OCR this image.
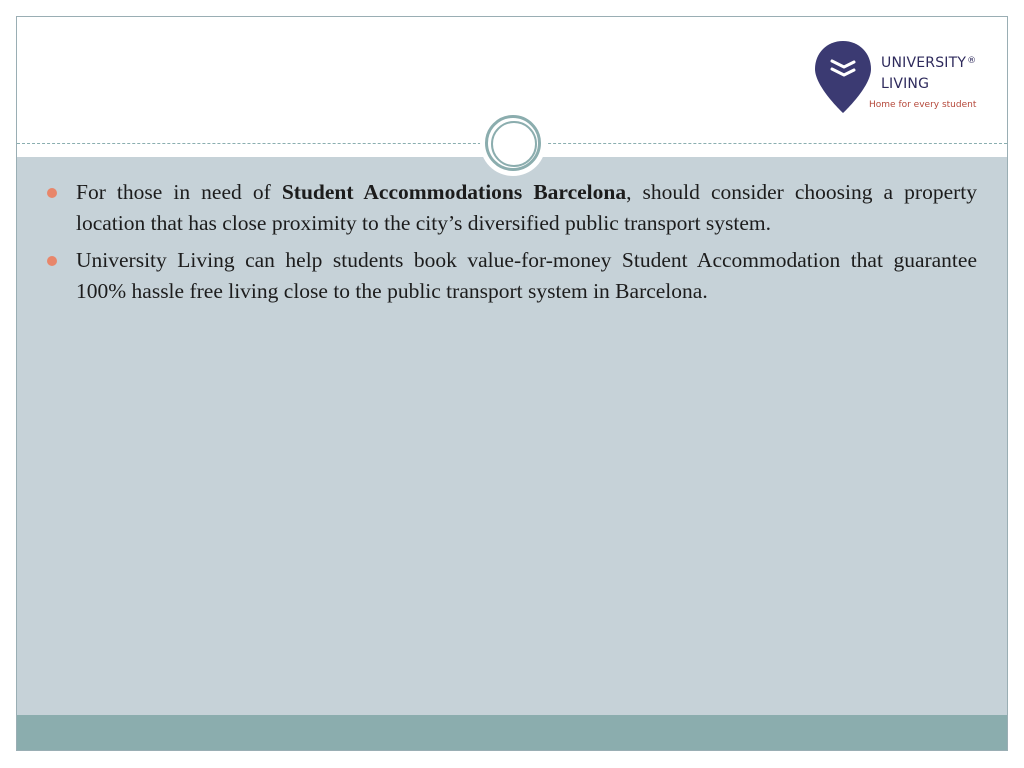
UNIVERSITY®
LIVING
Home for every student
For those in need of Student Accommodations Barcelona, should consider choosing a property location that has close proximity to the city’s diversified public transport system.
University Living can help students book value-for-money Student Accommodation that guarantee 100% hassle free living close to the public transport system in Barcelona.
